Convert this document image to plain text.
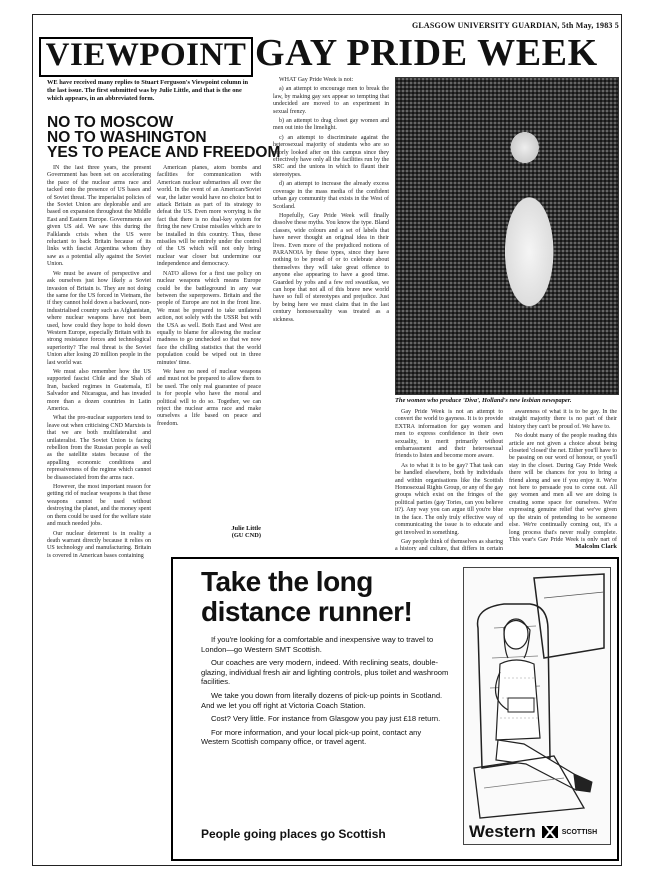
GLASGOW UNIVERSITY GUARDIAN, 5th May, 1983 5
VIEWPOINT
WE have received many replies to Stuart Ferguson's Viewpoint column in the last issue. The first submitted was by Julie Little, and that is the one which appears, in an abbreviated form.
NO TO MOSCOW
NO TO WASHINGTON
YES TO PEACE AND FREEDOM

IN the last three years, the present Government has been set on accelerating the pace of the nuclear arms race and tacked onto the presence of US bases and of Soviet threat. The imperialist policies of the Soviet Union are deplorable and are based on expansion throughout the Middle East and Eastern Europe. Governments are given US aid. We saw this during the Falklands crisis when the US were reluctant to back Britain because of its links with fascist Argentina whom they saw as a potential ally against the Soviet Union.

We must be aware of perspective and ask ourselves just how likely a Soviet invasion of Britain is. They are not doing the same for the US forced in Vietnam, the if they cannot hold down a backward, non-industrialised country such as Afghanistan, where nuclear weapons have not been used, how could they hope to hold down Western Europe, especially Britain with its strong resistance forces and technological superiority? The real threat is the Soviet Union after losing 20 million people in the last world war.

We must also remember how the US supported fascist Chile and the Shah of Iran, backed regimes in Guatemala, El Salvador and Nicaragua, and has invaded more than a dozen countries in Latin America.

What the pro-nuclear supporters tend to leave out when criticising CND Marxists is that we are both multilateralist and unilateralist. The Soviet Union is facing rebellion from the Russian people as well as the satellite states because of the appalling economic conditions and repressiveness of the regime which cannot be disassociated from the arms race.

However, the most important reason for getting rid of nuclear weapons is that these weapons cannot be used without destroying the planet, and the money spent on them could be used for the welfare state and much needed jobs.

Our nuclear deterrent is in reality a death warrant directly because it relies on US technology and manufacturing. Britain is covered in American bases containing

American planes, atom bombs and facilities for communication with American nuclear submarines all over the world. In the event of an American/Soviet war, the latter would have no choice but to attack Britain as part of its strategy to defeat the US. Even more worrying is the fact that there is no dual-key system for firing the new Cruise missiles which are to be installed in this country. Thus, these missiles will be entirely under the control of the US which will not only bring nuclear war closer but undermine our independence and democracy.

NATO allows for a first use policy on nuclear weapons which means Europe could be the battleground in any war between the superpowers. Britain and the people of Europe are not in the front line. We must be prepared to take unilateral action, not solely with the USSR but with the USA as well. Both East and West are equally to blame for allowing the nuclear madness to go unchecked so that we now face the chilling statistics that the world population could be wiped out in three minutes' time.

We have no need of nuclear weapons and must not be prepared to allow them to be used. The only real guarantee of peace is for people who have the moral and political will to do so. Together, we can reject the nuclear arms race and make ourselves a life based on peace and freedom.

Julie Little
(GU CND)
GAY PRIDE WEEK

WHAT Gay Pride Week is not:

a) an attempt to encourage men to break the law, by making gay sex appear so tempting that undecided are moved to an experiment in sexual frenzy.

b) an attempt to drag closet gay women and men out into the limelight.

c) an attempt to discriminate against the heterosexual majority of students who are so poorly looked after on this campus since they effectively have only all the facilities run by the SRC and the unions in which to flaunt their stereotypes.

d) an attempt to increase the already excess coverage in the mass media of the confident urban gay community that exists in the West of Scotland.

Hopefully, Gay Pride Week will finally dissolve these myths. You know the type. Bland classes, wide colours and a set of labels that have never thought an original idea in their lives. Even more of the prejudiced notions of PARANOIA by these types, since they have nothing to be proud of or to celebrate about themselves they will take great offence to anyone else appearing to have a good time. Guarded by yobs and a few red swastikas, we can hope that not all of this brave new world have so full of stereotypes and prejudice. Just by being here we must claim that in the last century homosexuality was treated as a sickness.

The women who produce 'Diva', Holland's new lesbian newspaper.

Gay Pride Week is not an attempt to convert the world to gayness. It is to provide EXTRA information for gay women and men to express confidence in their own sexuality, to merit primarily without embarrassment and their heterosexual friends to listen and become more aware.

As to what it is to be gay? That task can be handled elsewhere, both by individuals and within organisations like the Scottish Homosexual Rights Group, or any of the gay groups which exist on the fringes of the political parties (gay Tories, can you believe it?). Any way you can argue till you're blue in the face. The only truly effective way of communicating the issue is to educate and get involved in something.

Gay people think of themselves as sharing a history and culture, that differs in certain

awareness of what it is to be gay. In the straight majority there is no part of their history they can't be proud of. We have to.

No doubt many of the people reading this article are not given a choice about being closeted 'closed' the net. Either you'll have to be passing on our word of honour, or you'll stay in the closet. During Gay Pride Week there will be chances for you to bring a friend along and see if you enjoy it. We're not here to persuade you to come out. All gay women and men all we are doing is creating some space for ourselves. We're expressing genuine relief that we've given up the strain of pretending to be someone else. We're continually coming out, it's a long process that's never really complete. This year's Gay Pride Week is only part of

Malcolm Clark
Take the long
distance runner!

If you're looking for a comfortable and inexpensive way to travel to London—go Western SMT Scottish.

Our coaches are very modern, indeed. With reclining seats, double-glazing, individual fresh air and lighting controls, plus toilet and washroom facilities.

We take you down from literally dozens of pick-up points in Scotland. And we let you off right at Victoria Coach Station.

Cost? Very little. For instance from Glasgow you pay just £18 return.

For more information, and your local pick-up point, contact any Western Scottish company office, or travel agent.

People going places go Scottish	Western	SCOTTISH
